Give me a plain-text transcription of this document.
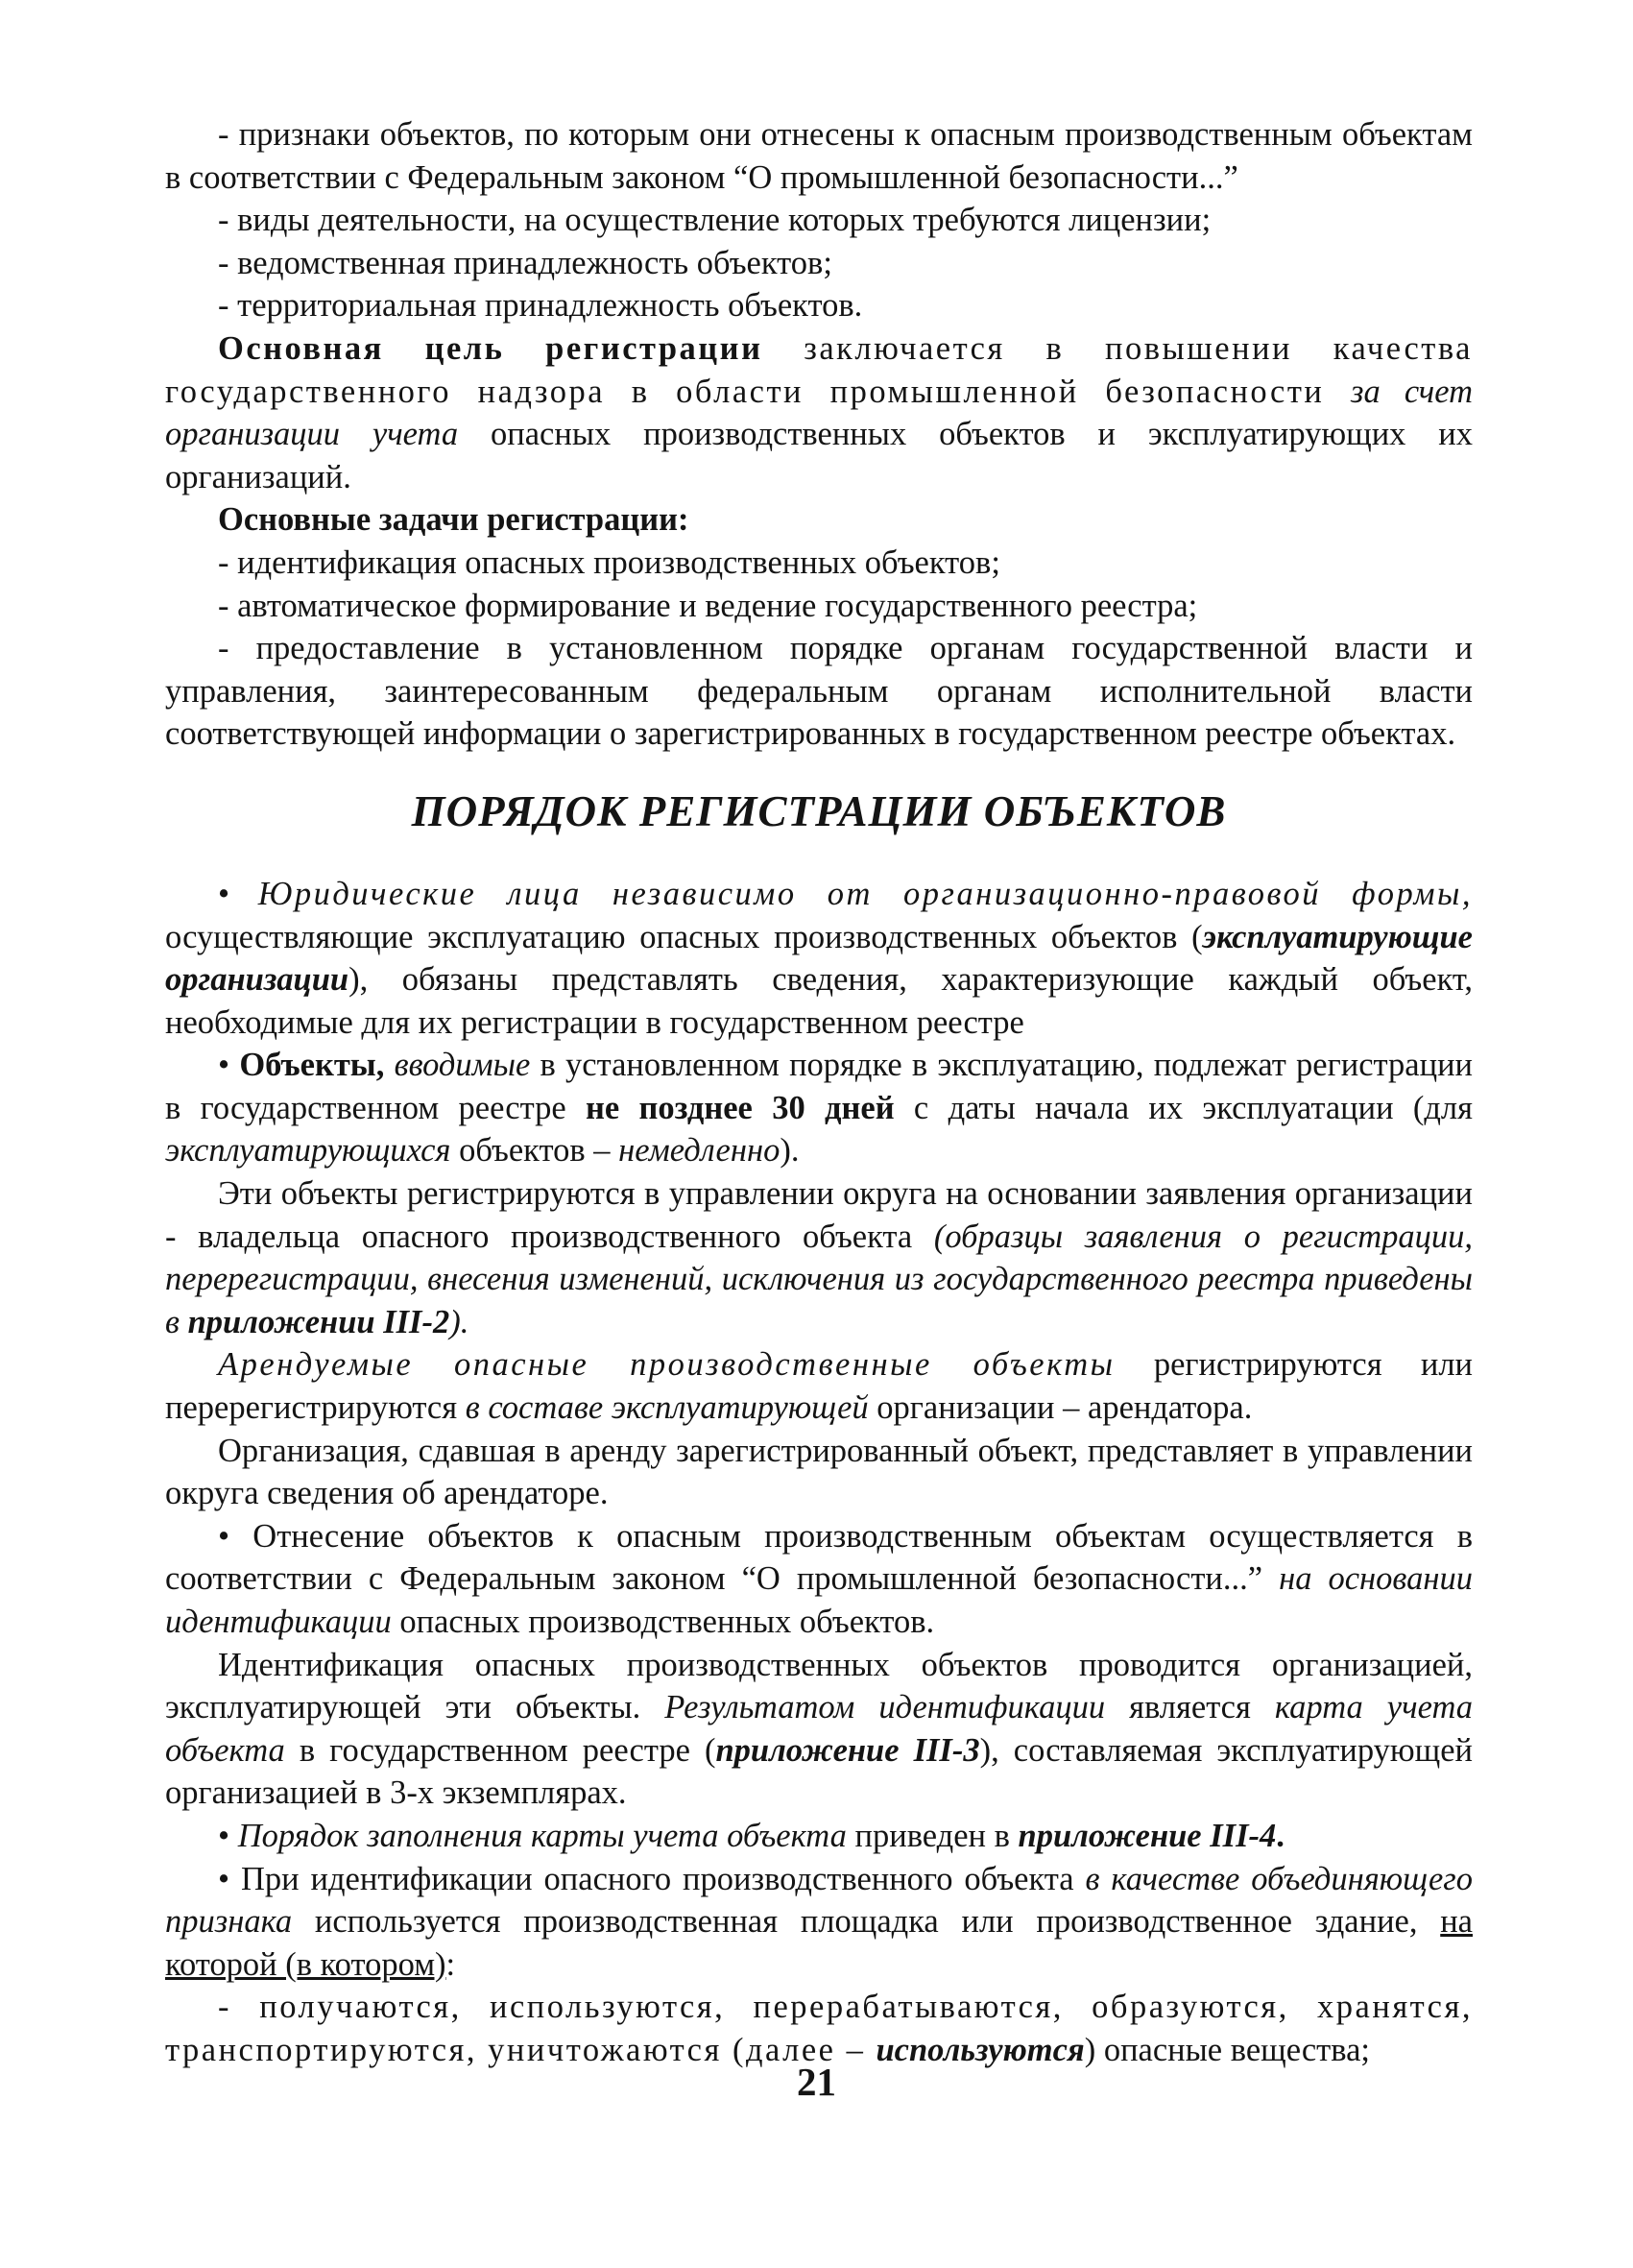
- признаки объектов, по которым они отнесены к опасным производственным объектам в соответствии с Федеральным законом “О промышленной безопасности...”

- виды деятельности, на осуществление которых требуются лицензии;

- ведомственная принадлежность объектов;

- территориальная принадлежность объектов.

Основная цель регистрации заключается в повышении качества государственного надзора в области промышленной безопасности за счет организации учета опасных производственных объектов и эксплуатирующих их организаций.

Основные задачи регистрации:

- идентификация опасных производственных объектов;

- автоматическое формирование и ведение государственного реестра;

- предоставление в установленном порядке органам государственной власти и управления, заинтересованным федеральным органам исполнительной власти соответствующей информации о зарегистрированных в государственном реестре объектах.

ПОРЯДОК РЕГИСТРАЦИИ ОБЪЕКТОВ

• Юридические лица независимо от организационно-правовой формы, осуществляющие эксплуатацию опасных производственных объектов (эксплуатирующие организации), обязаны представлять сведения, характеризующие каждый объект, необходимые для их регистрации в государственном реестре

• Объекты, вводимые в установленном порядке в эксплуатацию, подлежат регистрации в государственном реестре не позднее 30 дней с даты начала их эксплуатации (для эксплуатирующихся объектов – немедленно).

Эти объекты регистрируются в управлении округа на основании заявления организации - владельца опасного производственного объекта (образцы заявления о регистрации, перерегистрации, внесения изменений, исключения из государственного реестра приведены в приложении III-2).

Арендуемые опасные производственные объекты регистрируются или перерегистрируются в составе эксплуатирующей организации – арендатора.

Организация, сдавшая в аренду зарегистрированный объект, представляет в управлении округа сведения об арендаторе.

• Отнесение объектов к опасным производственным объектам осуществляется в соответствии с Федеральным законом “О промышленной безопасности...” на основании идентификации опасных производственных объектов.

Идентификация опасных производственных объектов проводится организацией, эксплуатирующей эти объекты. Результатом идентификации является карта учета объекта в государственном реестре (приложение III-3), составляемая эксплуатирующей организацией в 3-х экземплярах.

• Порядок заполнения карты учета объекта приведен в приложение III-4.

• При идентификации опасного производственного объекта в качестве объединяющего признака используется производственная площадка или производственное здание, на которой (в котором):

- получаются, используются, перерабатываются, образуются, хранятся, транспортируются, уничтожаются (далее – используются) опасные вещества;

21
